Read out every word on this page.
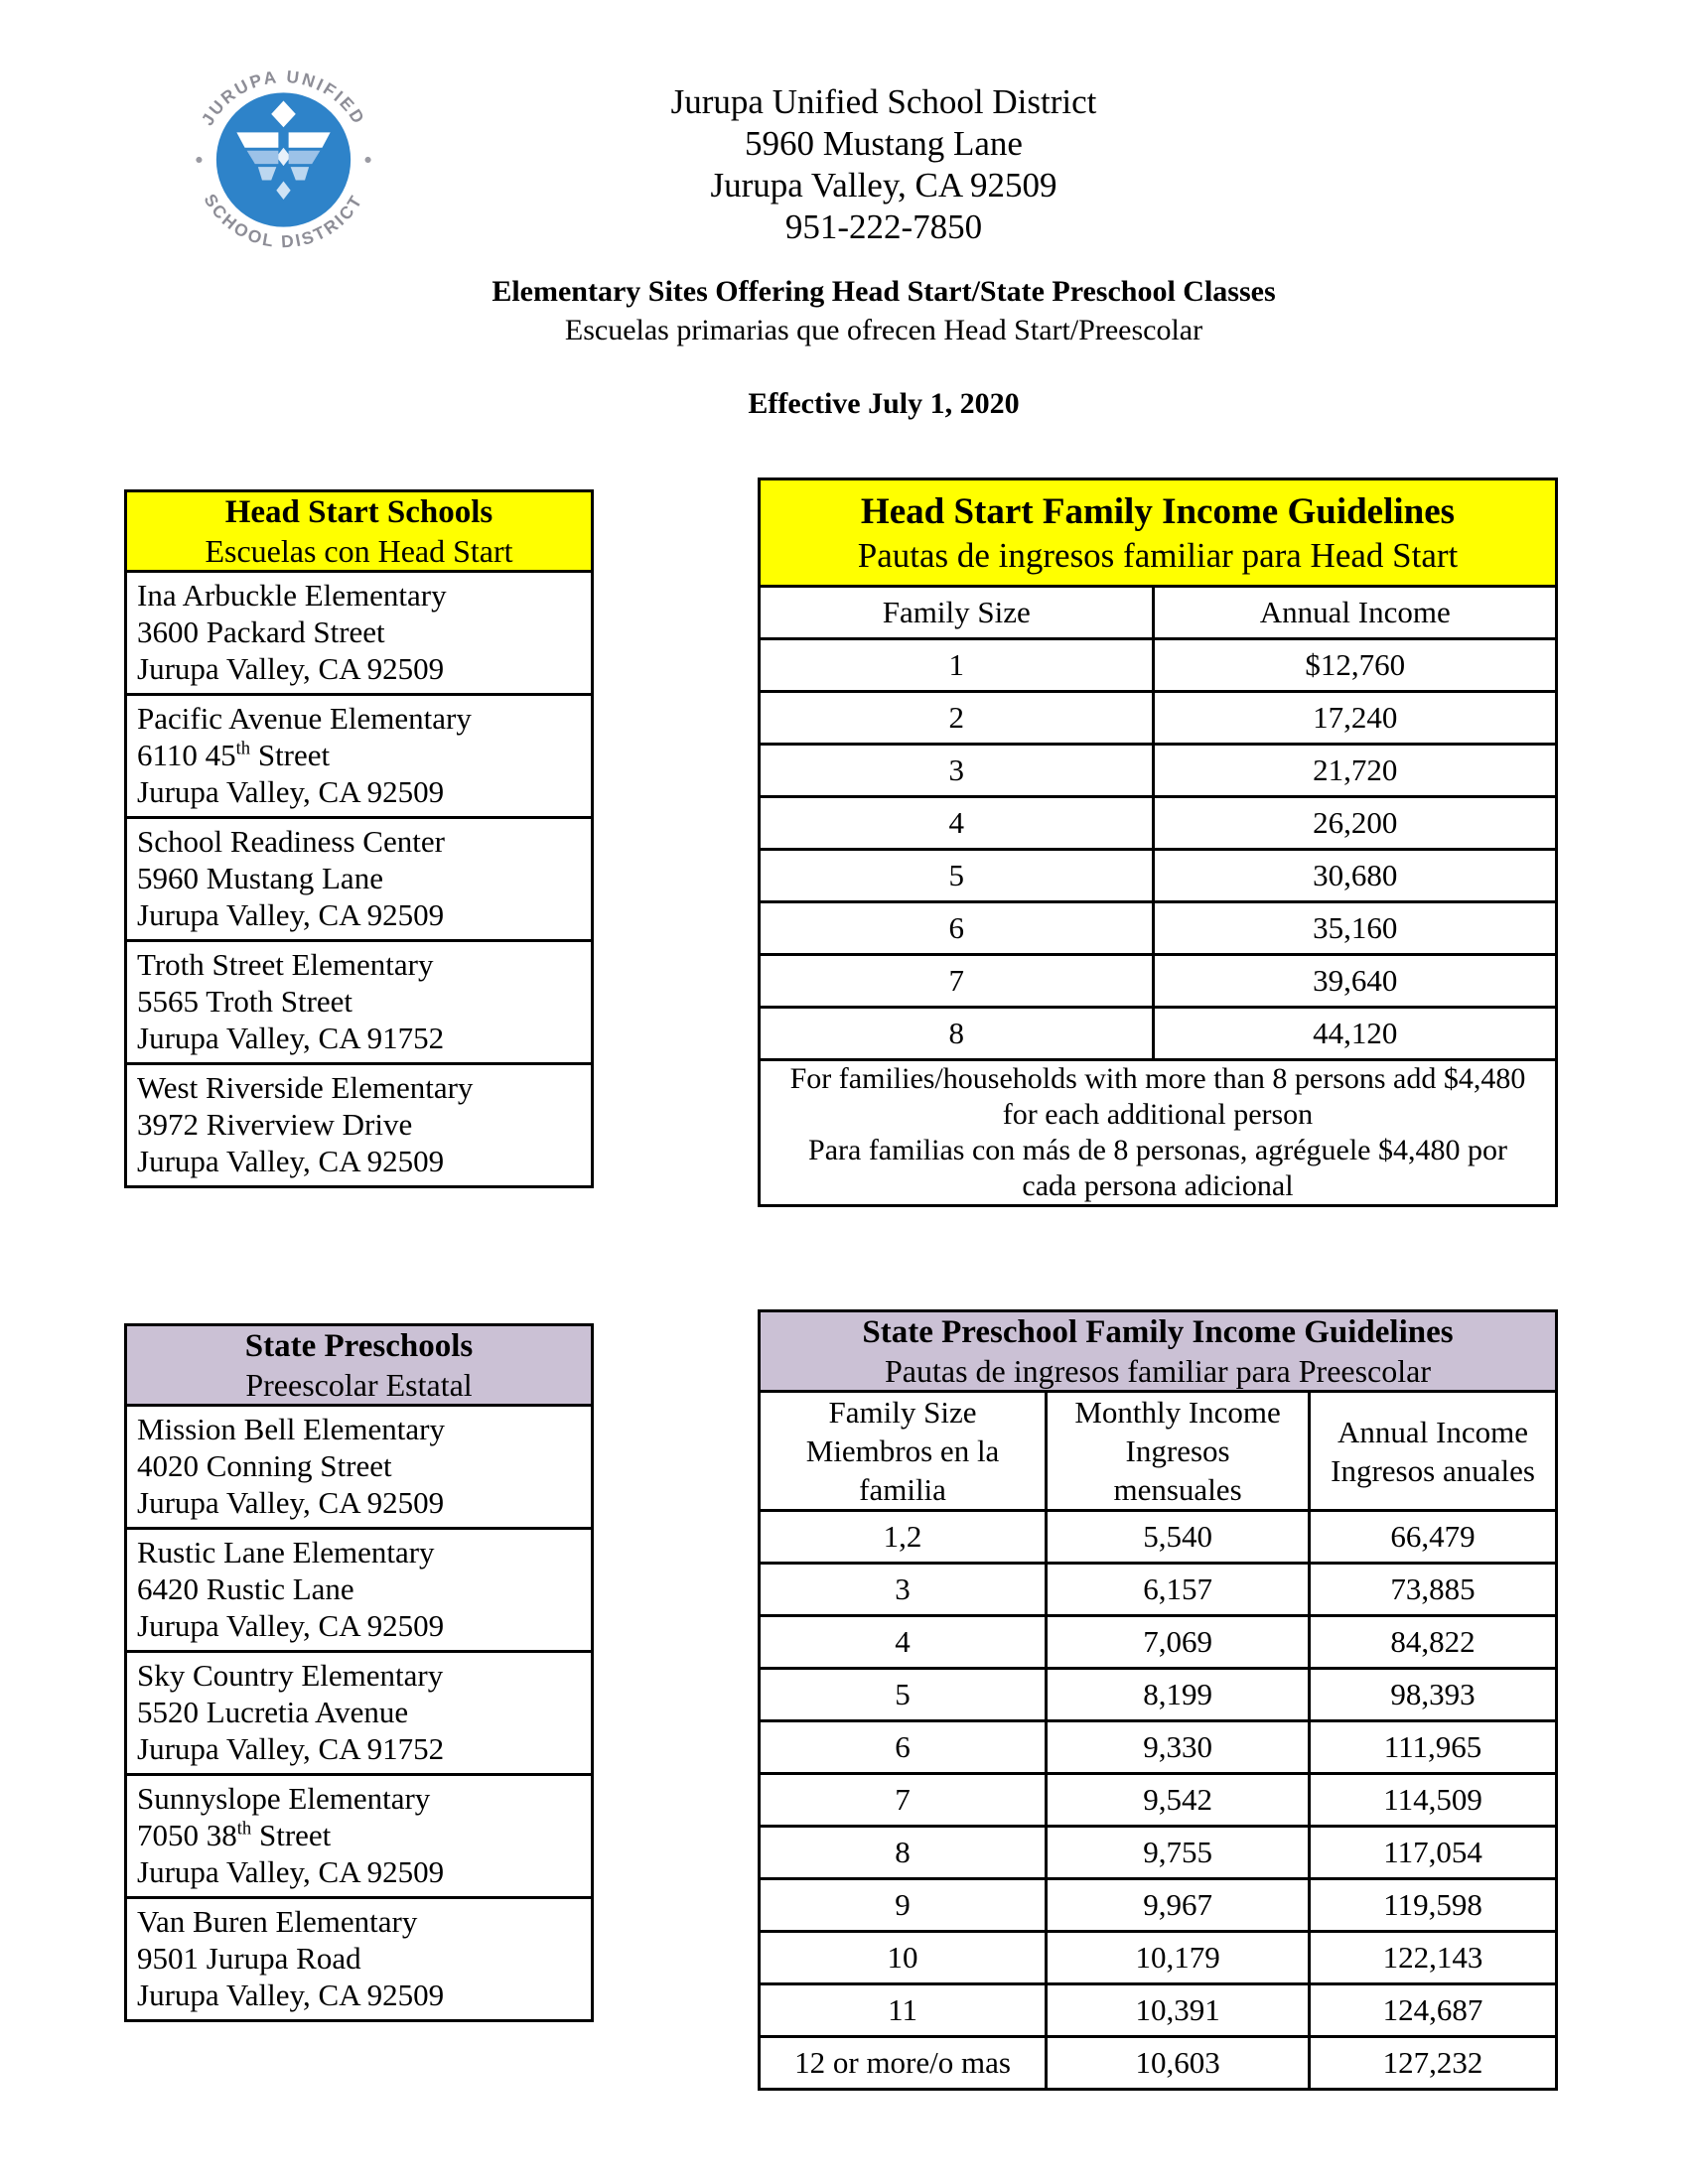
JURUPA UNIFIED
SCHOOL DISTRICT
Jurupa Unified School District
5960 Mustang Lane
Jurupa Valley, CA 92509
951-222-7850
Elementary Sites Offering Head Start/State Preschool Classes
Escuelas primarias que ofrecen Head Start/Preescolar
Effective July 1, 2020
Head Start Schools
Escuelas con Head Start

Ina Arbuckle Elementary
3600 Packard Street
Jurupa Valley, CA 92509
Pacific Avenue Elementary
6110 45th Street
Jurupa Valley, CA 92509
School Readiness Center
5960 Mustang Lane
Jurupa Valley, CA 92509
Troth Street Elementary
5565 Troth Street
Jurupa Valley, CA 91752
West Riverside Elementary
3972 Riverview Drive
Jurupa Valley, CA 92509
Head Start Family Income Guidelines
Pautas de ingresos familiar para Head Start	

Family Size	Annual Income
1	$12,760
2	17,240
3	21,720
4	26,200
5	30,680
6	35,160
7	39,640
8	44,120
For families/households with more than 8 persons add $4,480
for each additional person
Para familias con más de 8 personas, agréguele $4,480 por
cada persona adicional	
State Preschools
Preescolar Estatal

Mission Bell Elementary
4020 Conning Street
Jurupa Valley, CA 92509
Rustic Lane Elementary
6420 Rustic Lane
Jurupa Valley, CA 92509
Sky Country Elementary
5520 Lucretia Avenue
Jurupa Valley, CA 91752
Sunnyslope Elementary
7050 38th Street
Jurupa Valley, CA 92509
Van Buren Elementary
9501 Jurupa Road
Jurupa Valley, CA 92509
State Preschool Family Income Guidelines
Pautas de ingresos familiar para Preescolar		

Family Size
Miembros en la
familia	Monthly Income
Ingresos
mensuales	Annual Income
Ingresos anuales
1,2	5,540	66,479
3	6,157	73,885
4	7,069	84,822
5	8,199	98,393
6	9,330	111,965
7	9,542	114,509
8	9,755	117,054
9	9,967	119,598
10	10,179	122,143
11	10,391	124,687
12 or more/o mas	10,603	127,232
